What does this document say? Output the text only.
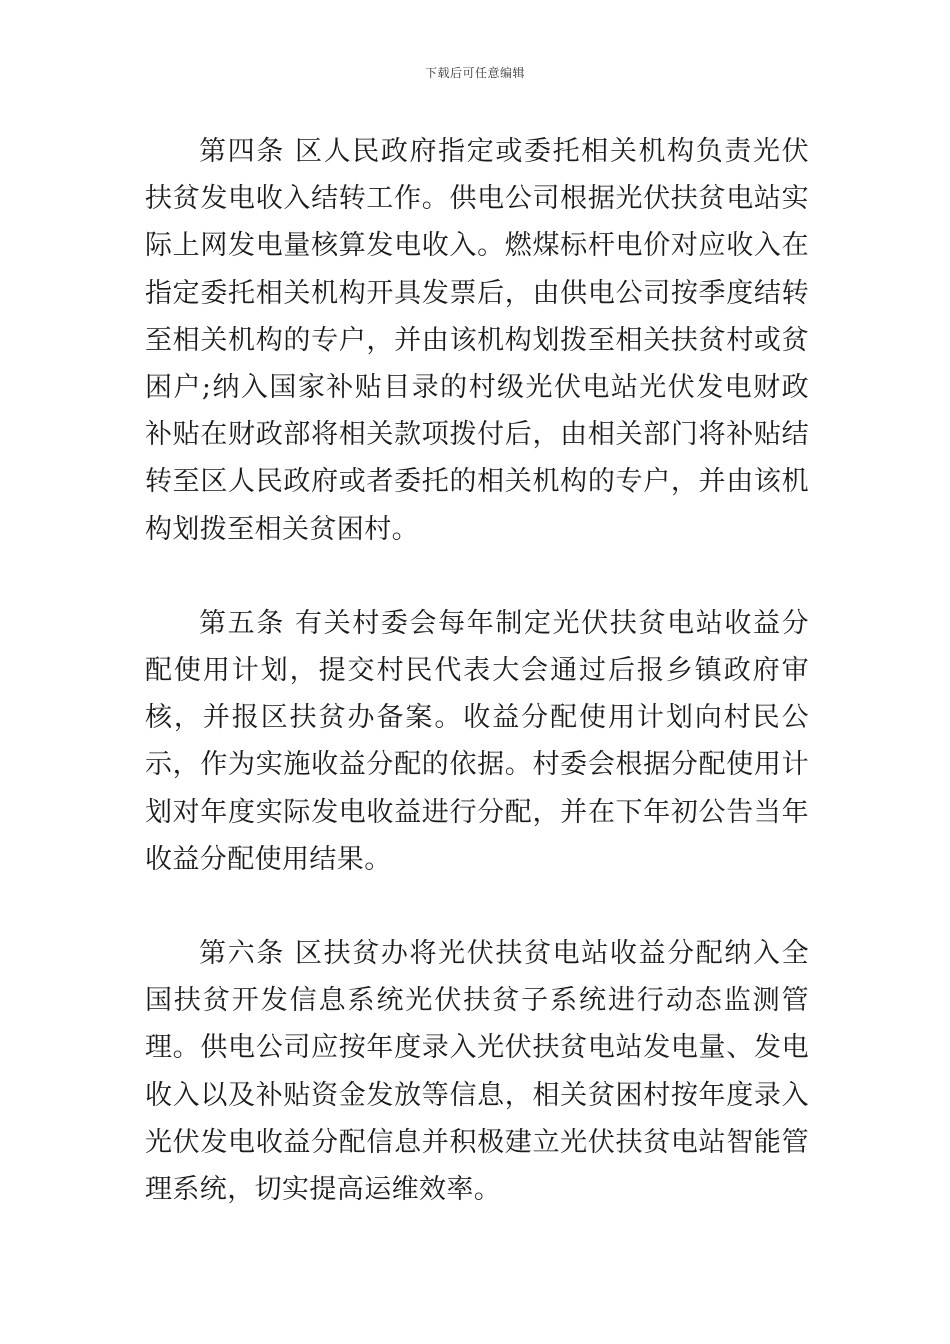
下载后可任意编辑

第四条 区人民政府指定或委托相关机构负责光伏扶贫发电收入结转工作。供电公司根据光伏扶贫电站实际上网发电量核算发电收入。燃煤标杆电价对应收入在指定委托相关机构开具发票后，由供电公司按季度结转至相关机构的专户，并由该机构划拨至相关扶贫村或贫困户;纳入国家补贴目录的村级光伏电站光伏发电财政补贴在财政部将相关款项拨付后，由相关部门将补贴结转至区人民政府或者委托的相关机构的专户，并由该机构划拨至相关贫困村。

第五条 有关村委会每年制定光伏扶贫电站收益分配使用计划，提交村民代表大会通过后报乡镇政府审核，并报区扶贫办备案。收益分配使用计划向村民公示，作为实施收益分配的依据。村委会根据分配使用计划对年度实际发电收益进行分配，并在下年初公告当年收益分配使用结果。

第六条 区扶贫办将光伏扶贫电站收益分配纳入全国扶贫开发信息系统光伏扶贫子系统进行动态监测管理。供电公司应按年度录入光伏扶贫电站发电量、发电收入以及补贴资金发放等信息，相关贫困村按年度录入光伏发电收益分配信息并积极建立光伏扶贫电站智能管理系统，切实提高运维效率。
